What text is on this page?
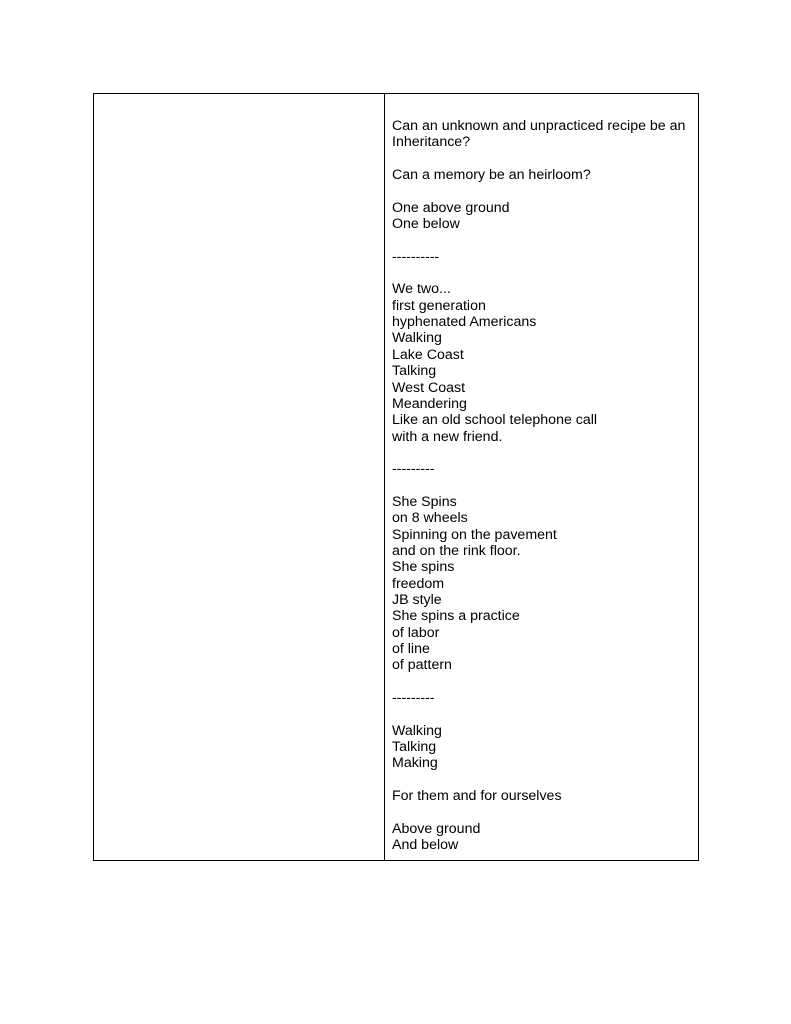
Can an unknown and unpracticed recipe be an
Inheritance?
Can a memory be an heirloom?
One above ground
One below
----------
We two...
first generation
hyphenated Americans
Walking
Lake Coast
Talking
West Coast
Meandering
Like an old school telephone call
with a new friend.
---------
She Spins
on 8 wheels
Spinning on the pavement
and on the rink floor.
She spins
freedom
JB style
She spins a practice
of labor
of line
of pattern
---------
Walking
Talking
Making
For them and for ourselves
Above ground
And below
